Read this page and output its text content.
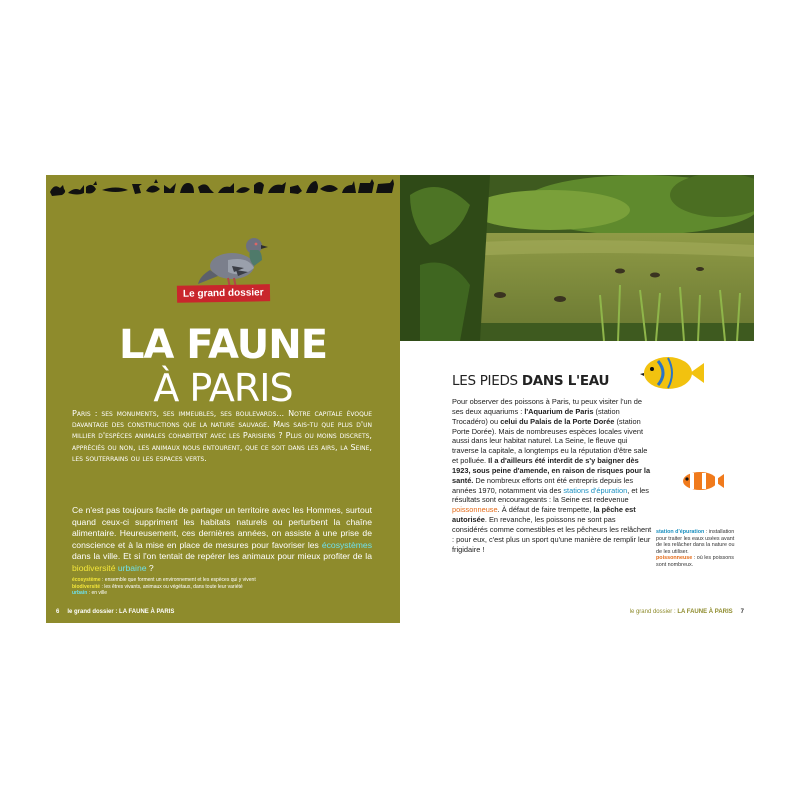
Le grand dossier
LA FAUNE
À PARIS

Paris : ses monuments, ses immeubles, ses boulevards... Notre capitale évoque davantage des constructions que la nature sauvage. Mais sais-tu que plus d'un millier d'espèces animales cohabitent avec les Parisiens ? Plus ou moins discrets, appréciés ou non, les animaux nous entourent, que ce soit dans les airs, la Seine, les souterrains ou les espaces verts.

Ce n'est pas toujours facile de partager un territoire avec les Hommes, surtout quand ceux-ci suppriment les habitats naturels ou perturbent la chaîne alimentaire. Heureusement, ces dernières années, on assiste à une prise de conscience et à la mise en place de mesures pour favoriser les écosystèmes dans la ville. Et si l'on tentait de repérer les animaux pour mieux profiter de la biodiversité urbaine ?

écosystème : ensemble que forment un environnement et les espèces qui y vivent
biodiversité : les êtres vivants, animaux ou végétaux, dans toute leur variété
urbain : en ville
6 le grand dossier : LA FAUNE À PARIS
LES PIEDS DANS L'EAU

Pour observer des poissons à Paris, tu peux visiter l'un de ses deux aquariums : l'Aquarium de Paris (station Trocadéro) ou celui du Palais de la Porte Dorée (station Porte Dorée). Mais de nombreuses espèces locales vivent aussi dans leur habitat naturel. La Seine, le fleuve qui traverse la capitale, a longtemps eu la réputation d'être sale et polluée. Il a d'ailleurs été interdit de s'y baigner dès 1923, sous peine d'amende, en raison de risques pour la santé. De nombreux efforts ont été entrepris depuis les années 1970, notamment via des stations d'épuration, et les résultats sont encourageants : la Seine est redevenue poissonneuse. À défaut de faire trempette, la pêche est autorisée. En revanche, les poissons ne sont pas considérés comme comestibles et les pêcheurs les relâchent : pour eux, c'est plus un sport qu'une manière de remplir leur frigidaire !

station d'épuration : installation pour traiter les eaux usées avant de les relâcher dans la nature ou de les utiliser.
poissonneuse : où les poissons sont nombreux.
le grand dossier : LA FAUNE À PARIS 7
